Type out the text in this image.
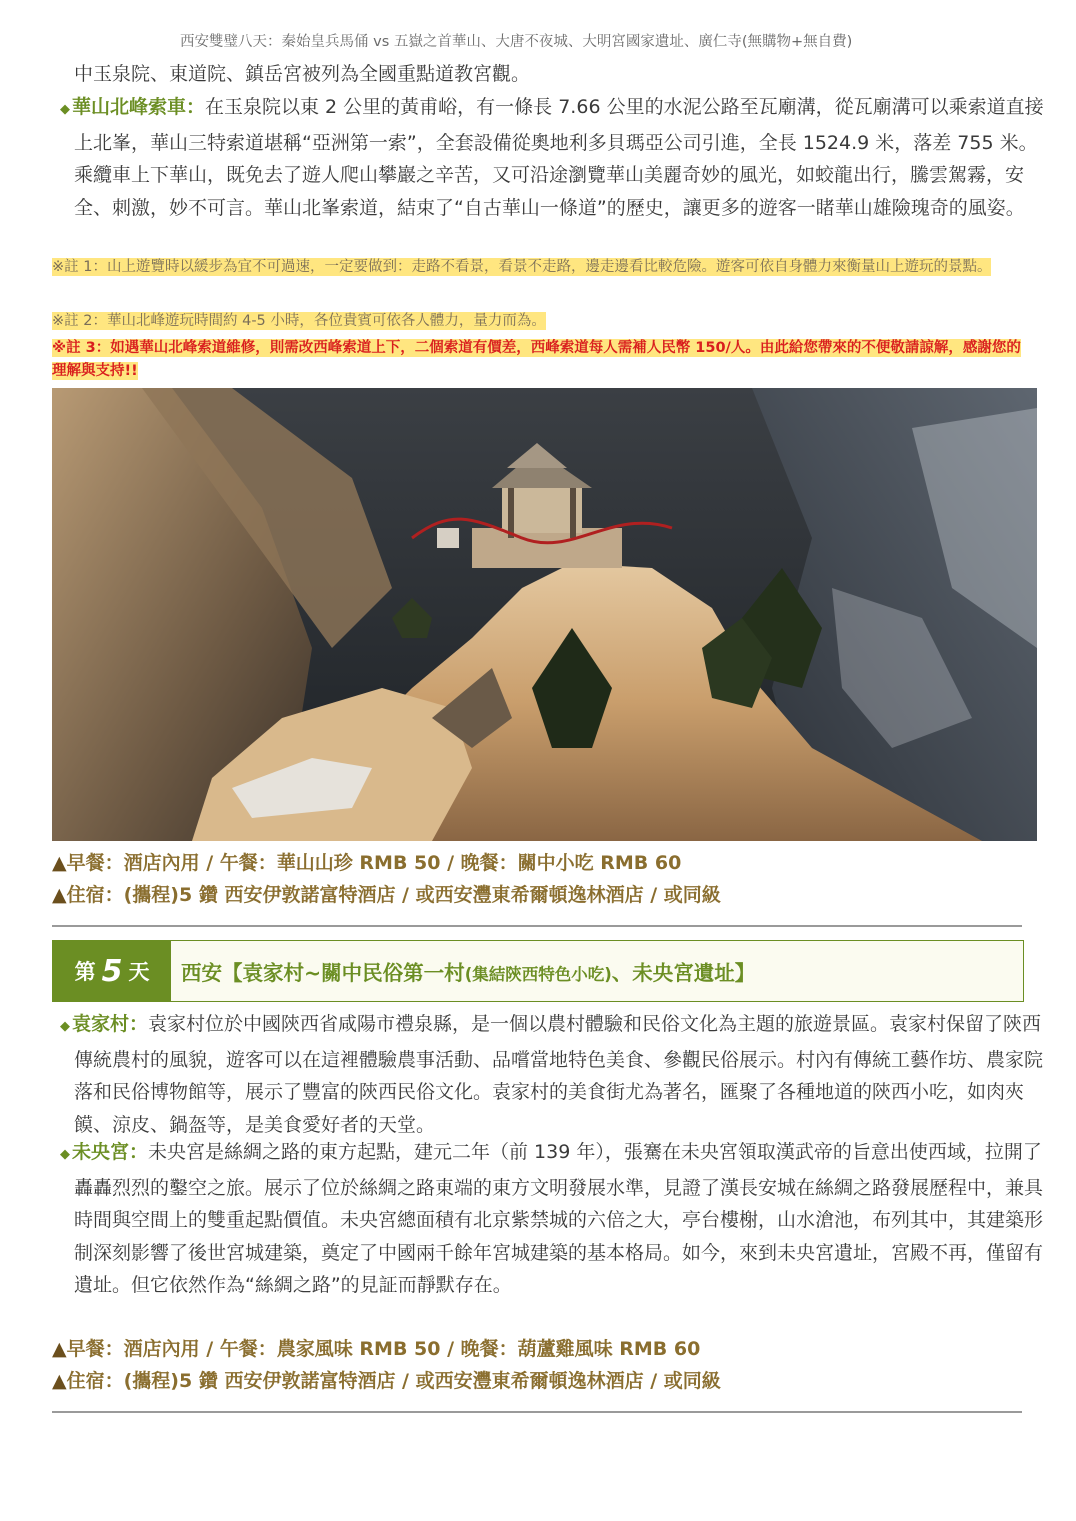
西安雙璧八天：秦始皇兵馬俑 vs 五嶽之首華山、大唐不夜城、大明宮國家遺址、廣仁寺(無購物+無自費)
中玉泉院、東道院、鎮岳宮被列為全國重點道教宮觀。
◆ 華山北峰索車：在玉泉院以東 2 公里的黃甫峪，有一條長 7.66 公里的水泥公路至瓦廟溝，從瓦廟溝可以乘索道直接上北峯，華山三特索道堪稱“亞洲第一索”，全套設備從奧地利多貝瑪亞公司引進，全長 1524.9 米，落差 755 米。乘纜車上下華山，既免去了遊人爬山攀巖之辛苦，又可沿途瀏覽華山美麗奇妙的風光，如蛟龍出行，騰雲駕霧，安全、刺激，妙不可言。華山北峯索道，結束了“自古華山一條道”的歷史，讓更多的遊客一睹華山雄險瑰奇的風姿。
※註 1：山上遊覽時以緩步為宜不可過速，一定要做到：走路不看景，看景不走路，邊走邊看比較危險。遊客可依自身體力來衡量山上遊玩的景點。
※註 2：華山北峰遊玩時間約 4-5 小時，各位貴賓可依各人體力，量力而為。
※註 3：如遇華山北峰索道維修，則需改西峰索道上下，二個索道有價差，西峰索道每人需補人民幣 150/人。由此給您帶來的不便敬請諒解，感謝您的理解與支持!!
▲早餐：酒店內用 / 午餐：華山山珍 RMB 50 / 晚餐：關中小吃 RMB 60
▲住宿：(攜程)5 鑽 西安伊敦諾富特酒店 / 或西安灃東希爾頓逸林酒店 / 或同級
第 5 天 西安【袁家村~關中民俗第一村(集結陝西特色小吃)、未央宮遺址】
◆ 袁家村：袁家村位於中國陝西省咸陽市禮泉縣，是一個以農村體驗和民俗文化為主題的旅遊景區。袁家村保留了陝西傳統農村的風貌，遊客可以在這裡體驗農事活動、品嚐當地特色美食、參觀民俗展示。村內有傳統工藝作坊、農家院落和民俗博物館等，展示了豐富的陝西民俗文化。袁家村的美食街尤為著名，匯聚了各種地道的陝西小吃，如肉夾饃、涼皮、鍋盔等，是美食愛好者的天堂。
◆ 未央宮：未央宮是絲綢之路的東方起點，建元二年（前 139 年），張騫在未央宮領取漢武帝的旨意出使西域，拉開了轟轟烈烈的鑿空之旅。展示了位於絲綢之路東端的東方文明發展水準，見證了漢長安城在絲綢之路發展歷程中，兼具時間與空間上的雙重起點價值。未央宮總面積有北京紫禁城的六倍之大，亭台樓榭，山水滄池，布列其中，其建築形制深刻影響了後世宮城建築，奠定了中國兩千餘年宮城建築的基本格局。如今，來到未央宮遺址，宮殿不再，僅留有遺址。但它依然作為“絲綢之路”的見証而靜默存在。
▲早餐：酒店內用 / 午餐：農家風味 RMB 50 / 晚餐：葫蘆雞風味 RMB 60
▲住宿：(攜程)5 鑽 西安伊敦諾富特酒店 / 或西安灃東希爾頓逸林酒店 / 或同級
